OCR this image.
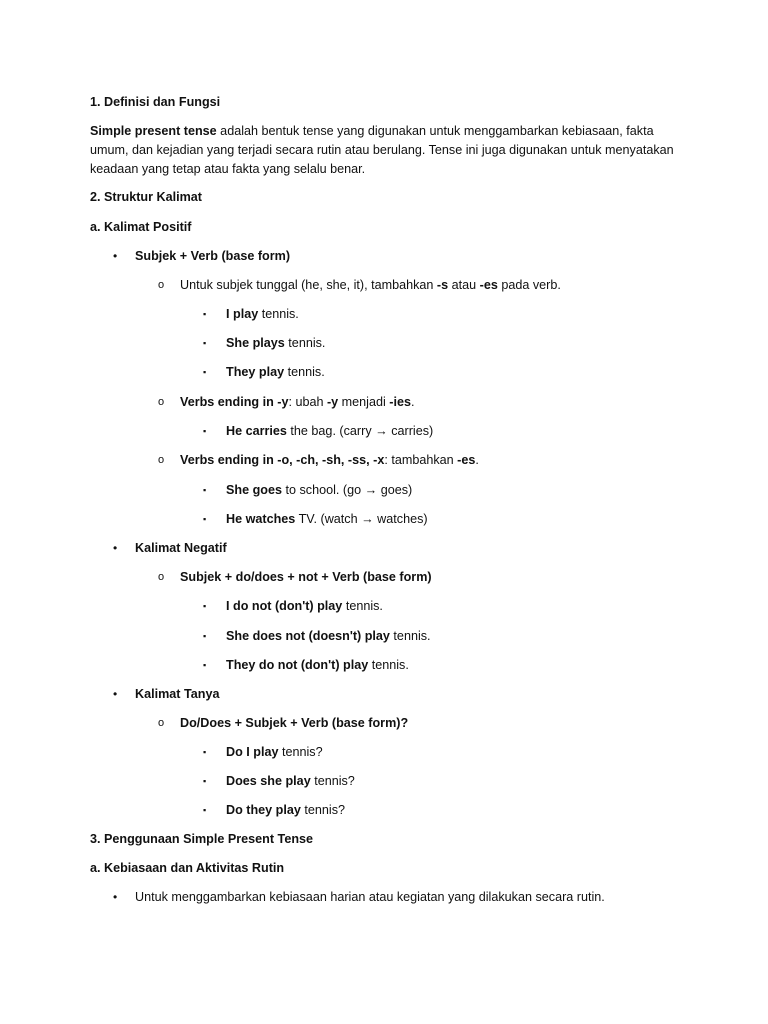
1. Definisi dan Fungsi
Simple present tense adalah bentuk tense yang digunakan untuk menggambarkan kebiasaan, fakta umum, dan kejadian yang terjadi secara rutin atau berulang. Tense ini juga digunakan untuk menyatakan keadaan yang tetap atau fakta yang selalu benar.
2. Struktur Kalimat
a. Kalimat Positif
• Subjek + Verb (base form)
o Untuk subjek tunggal (he, she, it), tambahkan -s atau -es pada verb.
▪ I play tennis.
▪ She plays tennis.
▪ They play tennis.
o Verbs ending in -y: ubah -y menjadi -ies.
▪ He carries the bag. (carry → carries)
o Verbs ending in -o, -ch, -sh, -ss, -x: tambahkan -es.
▪ She goes to school. (go → goes)
▪ He watches TV. (watch → watches)
• Kalimat Negatif
o Subjek + do/does + not + Verb (base form)
▪ I do not (don't) play tennis.
▪ She does not (doesn't) play tennis.
▪ They do not (don't) play tennis.
• Kalimat Tanya
o Do/Does + Subjek + Verb (base form)?
▪ Do I play tennis?
▪ Does she play tennis?
▪ Do they play tennis?
3. Penggunaan Simple Present Tense
a. Kebiasaan dan Aktivitas Rutin
• Untuk menggambarkan kebiasaan harian atau kegiatan yang dilakukan secara rutin.
